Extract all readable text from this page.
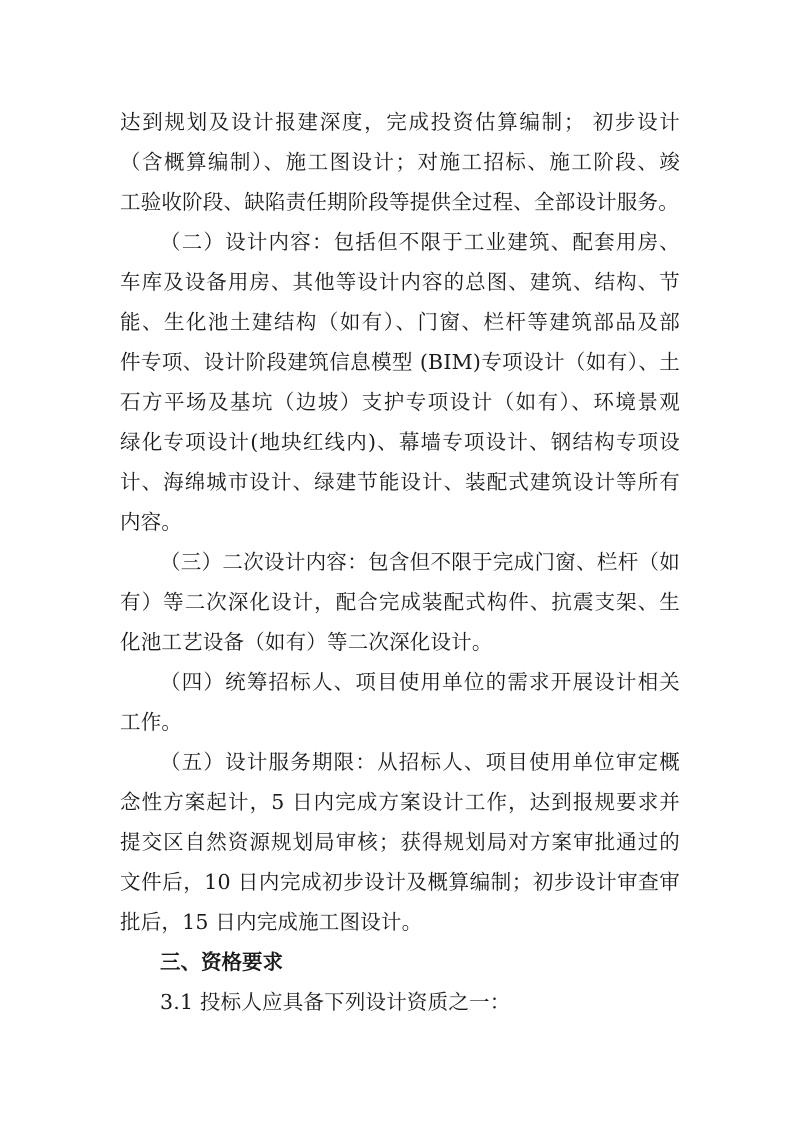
达到规划及设计报建深度，完成投资估算编制； 初步设计
（含概算编制）、施工图设计；对施工招标、施工阶段、竣
工验收阶段、缺陷责任期阶段等提供全过程、全部设计服务。
（二）设计内容：包括但不限于工业建筑、配套用房、
车库及设备用房、其他等设计内容的总图、建筑、结构、节
能、生化池土建结构（如有）、门窗、栏杆等建筑部品及部
件专项、设计阶段建筑信息模型 (BIM)专项设计（如有）、土
石方平场及基坑（边坡）支护专项设计（如有）、环境景观
绿化专项设计(地块红线内)、幕墙专项设计、钢结构专项设
计、海绵城市设计、绿建节能设计、装配式建筑设计等所有
内容。
（三）二次设计内容：包含但不限于完成门窗、栏杆（如
有）等二次深化设计，配合完成装配式构件、抗震支架、生
化池工艺设备（如有）等二次深化设计。
（四）统筹招标人、项目使用单位的需求开展设计相关
工作。
（五）设计服务期限：从招标人、项目使用单位审定概
念性方案起计，5 日内完成方案设计工作，达到报规要求并
提交区自然资源规划局审核；获得规划局对方案审批通过的
文件后，10 日内完成初步设计及概算编制；初步设计审查审
批后，15 日内完成施工图设计。
三、资格要求
3.1 投标人应具备下列设计资质之一：
